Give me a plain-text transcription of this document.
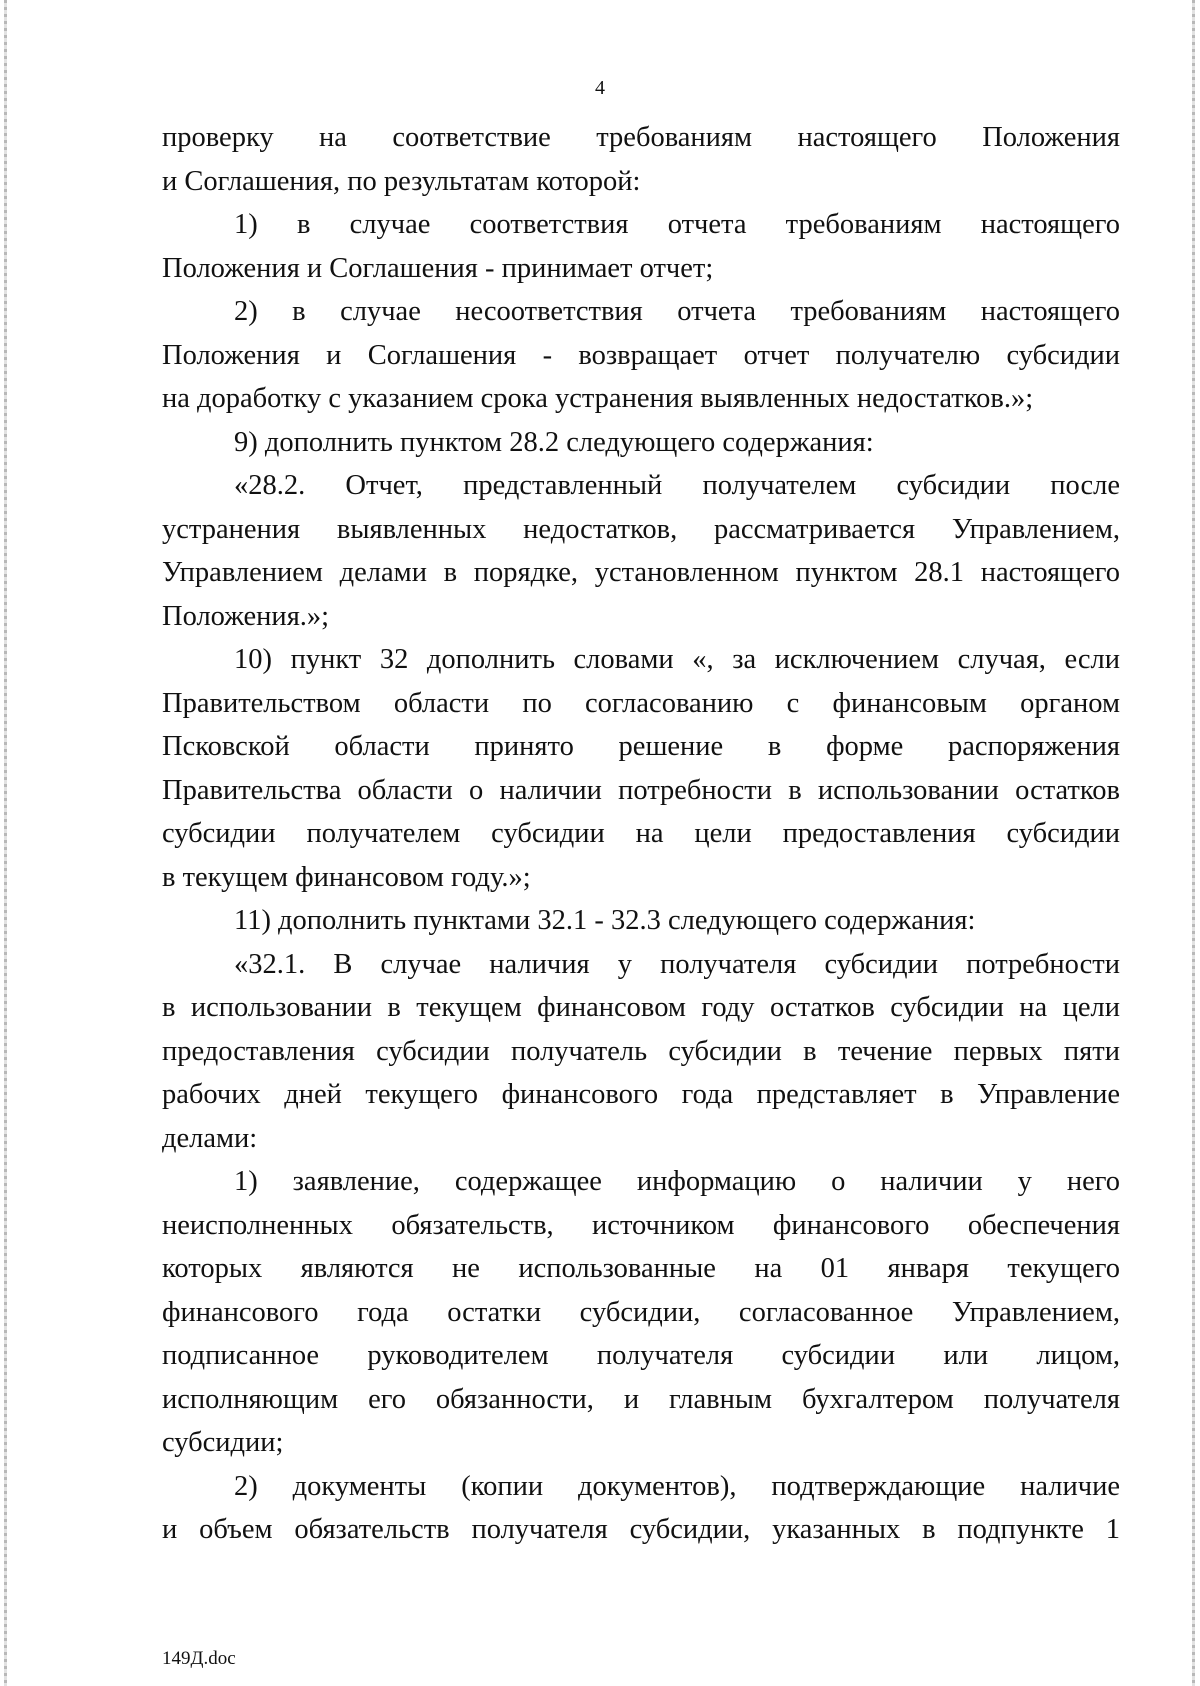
4
проверку на соответствие требованиям настоящего Положения
и Соглашения, по результатам которой:
1) в случае соответствия отчета требованиям настоящего
Положения и Соглашения - принимает отчет;
2) в случае несоответствия отчета требованиям настоящего
Положения и Соглашения - возвращает отчет получателю субсидии
на доработку с указанием срока устранения выявленных недостатков.»;
9) дополнить пунктом 28.2 следующего содержания:
«28.2. Отчет, представленный получателем субсидии после
устранения выявленных недостатков, рассматривается Управлением,
Управлением делами в порядке, установленном пунктом 28.1 настоящего
Положения.»;
10) пункт 32 дополнить словами «, за исключением случая, если
Правительством области по согласованию с финансовым органом
Псковской области принято решение в форме распоряжения
Правительства области о наличии потребности в использовании остатков
субсидии получателем субсидии на цели предоставления субсидии
в текущем финансовом году.»;
11) дополнить пунктами 32.1 - 32.3 следующего содержания:
«32.1. В случае наличия у получателя субсидии потребности
в использовании в текущем финансовом году остатков субсидии на цели
предоставления субсидии получатель субсидии в течение первых пяти
рабочих дней текущего финансового года представляет в Управление
делами:
1) заявление, содержащее информацию о наличии у него
неисполненных обязательств, источником финансового обеспечения
которых являются не использованные на 01 января текущего
финансового года остатки субсидии, согласованное Управлением,
подписанное руководителем получателя субсидии или лицом,
исполняющим его обязанности, и главным бухгалтером получателя
субсидии;
2) документы (копии документов), подтверждающие наличие
и объем обязательств получателя субсидии, указанных в подпункте 1
149Д.doc
